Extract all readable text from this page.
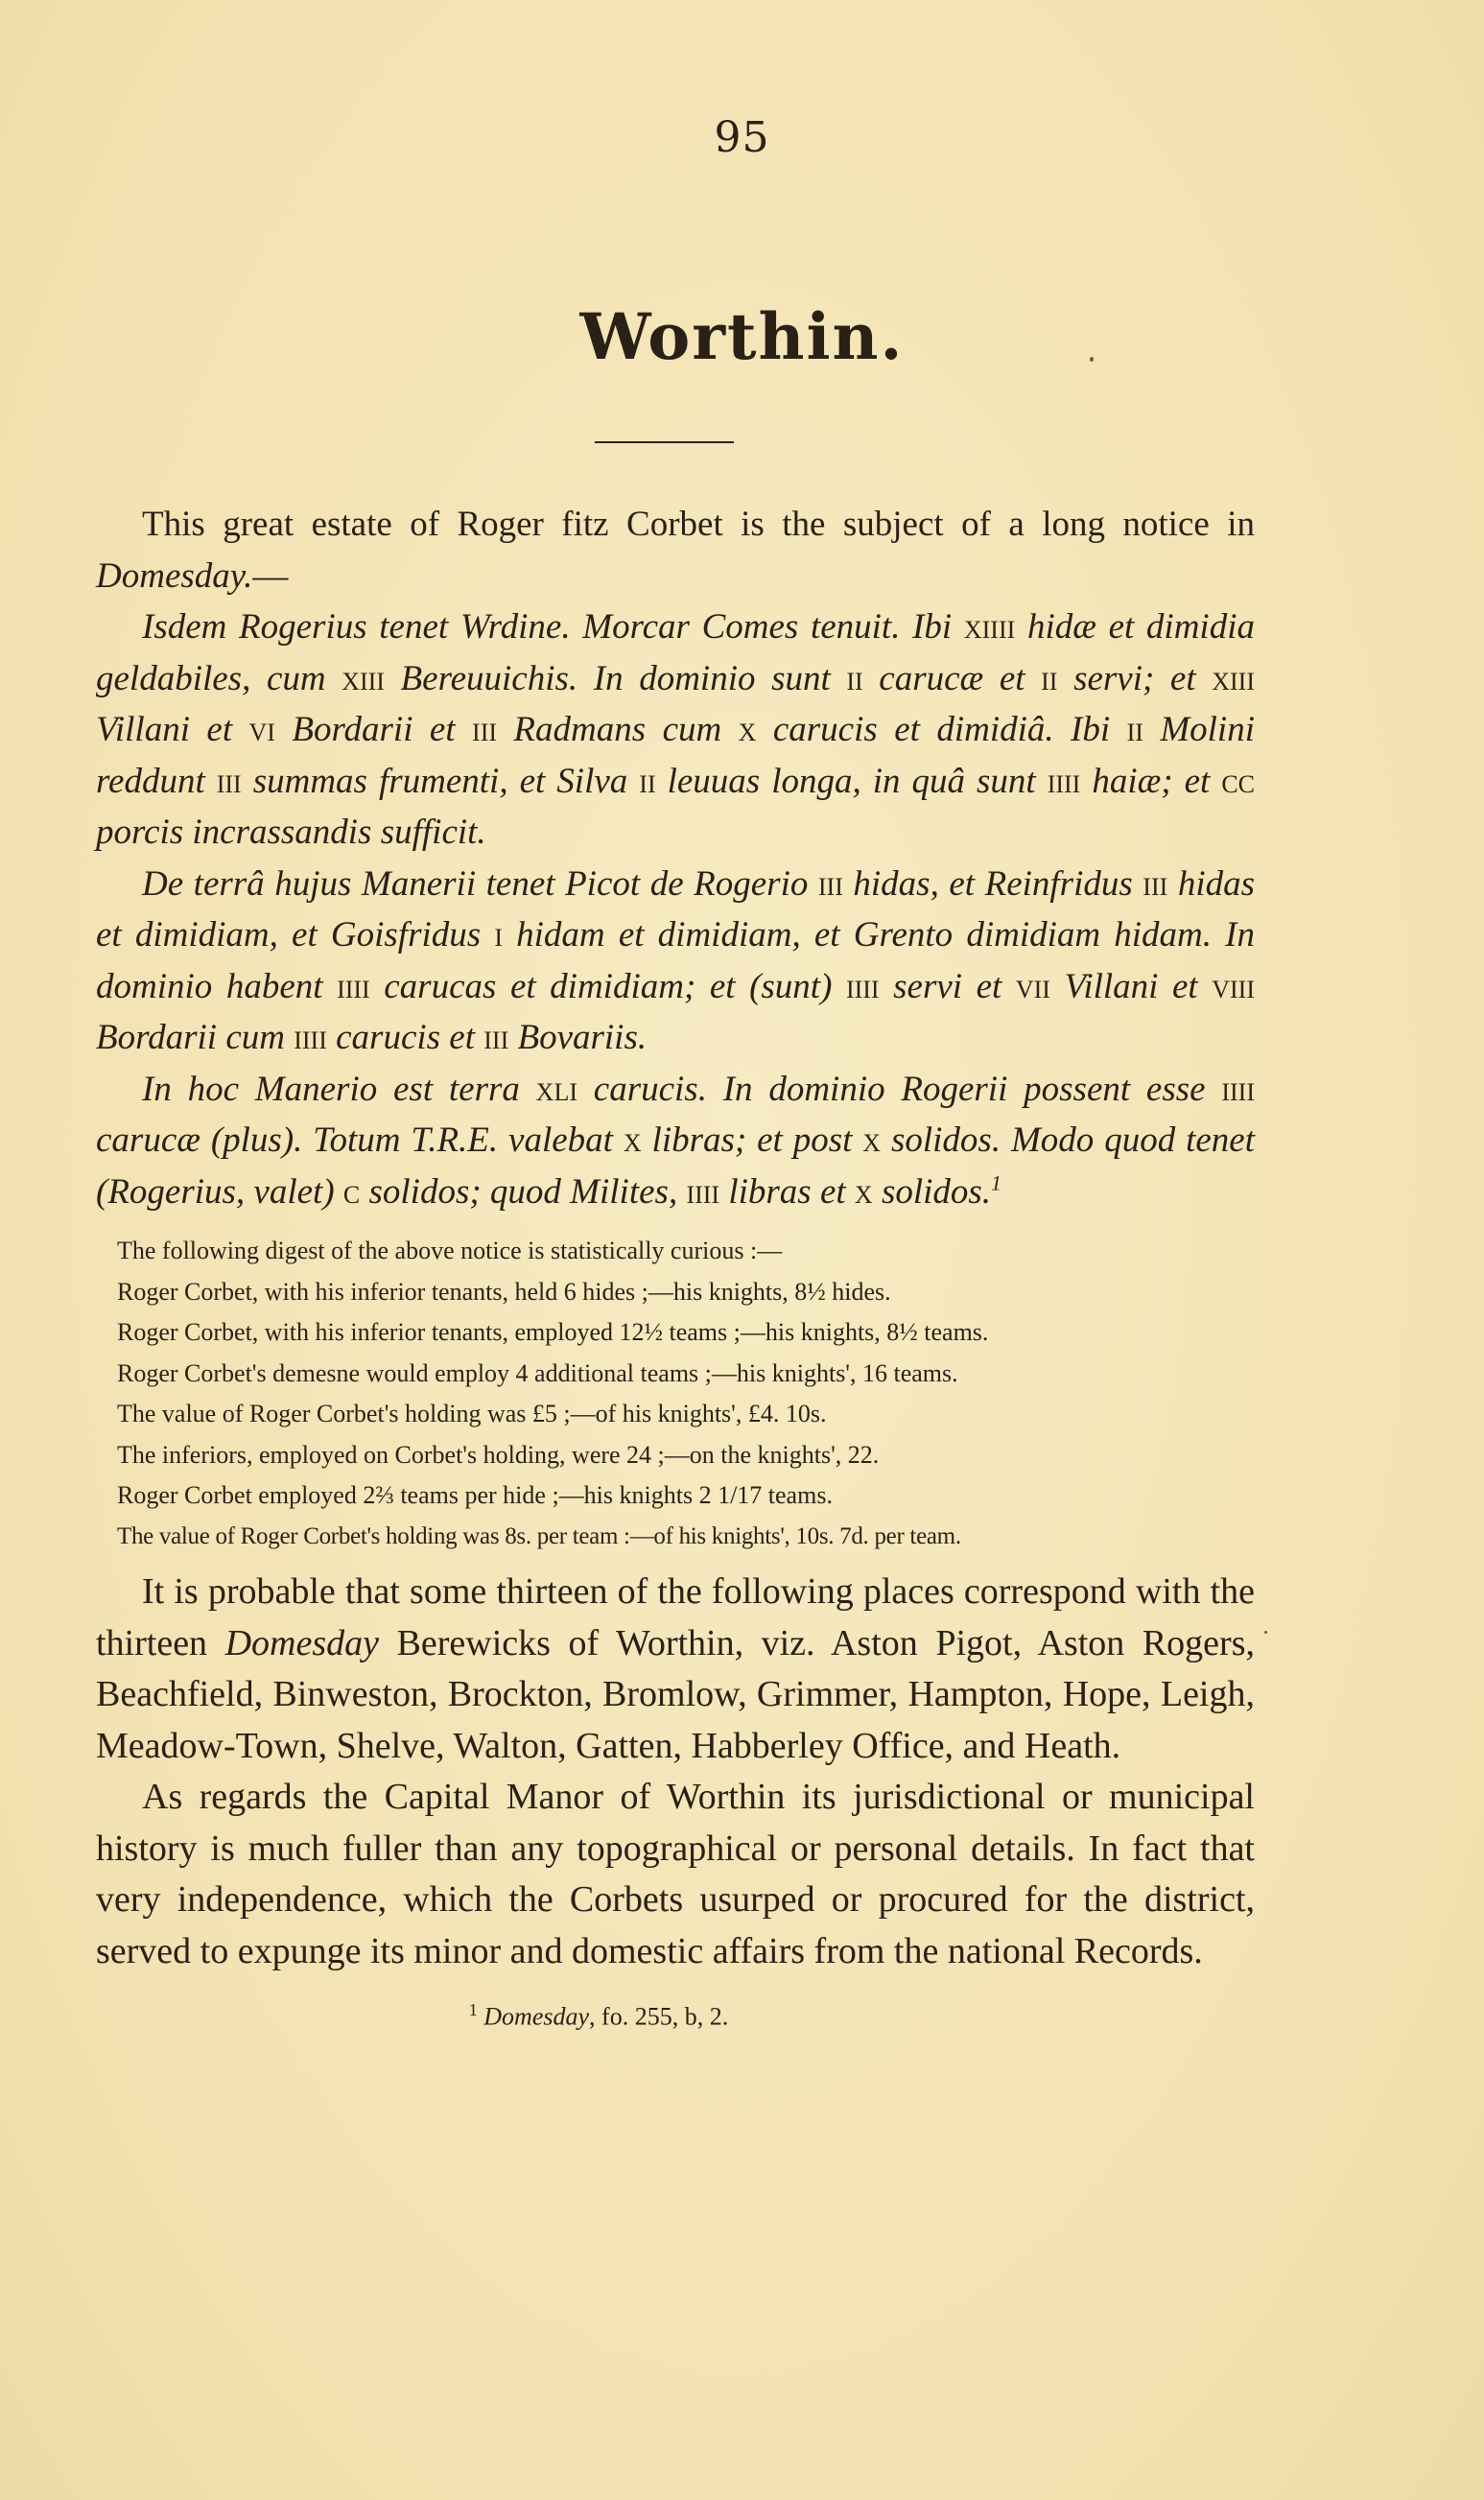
95
Worthin.

This great estate of Roger fitz Corbet is the subject of a long notice in Domesday.—

Isdem Rogerius tenet Wrdine. Morcar Comes tenuit. Ibi xiiii hidæ et dimidia geldabiles, cum xiii Bereuuichis. In dominio sunt ii carucæ et ii servi; et xiii Villani et vi Bordarii et iii Radmans cum x carucis et dimidiâ. Ibi ii Molini reddunt iii summas frumenti, et Silva ii leuuas longa, in quâ sunt iiii haiæ; et cc porcis incrassandis sufficit.

De terrâ hujus Manerii tenet Picot de Rogerio iii hidas, et Reinfridus iii hidas et dimidiam, et Goisfridus i hidam et dimidiam, et Grento dimidiam hidam. In dominio habent iiii carucas et dimidiam; et (sunt) iiii servi et vii Villani et viii Bordarii cum iiii carucis et iii Bovariis.

In hoc Manerio est terra xli carucis. In dominio Rogerii possent esse iiii carucæ (plus). Totum T.R.E. valebat x libras; et post x solidos. Modo quod tenet (Rogerius, valet) c solidos; quod Milites, iiii libras et x solidos.$^1$

The following digest of the above notice is statistically curious :—

Roger Corbet, with his inferior tenants, held 6 hides ;—his knights, 8½ hides.

Roger Corbet, with his inferior tenants, employed 12½ teams ;—his knights, 8½ teams.

Roger Corbet's demesne would employ 4 additional teams ;—his knights', 16 teams.

The value of Roger Corbet's holding was £5 ;—of his knights', £4. 10s.

The inferiors, employed on Corbet's holding, were 24 ;—on the knights', 22.

Roger Corbet employed 2⅔ teams per hide ;—his knights 2 1/17 teams.

The value of Roger Corbet's holding was 8s. per team :—of his knights', 10s. 7d. per team.

It is probable that some thirteen of the following places correspond with the thirteen Domesday Berewicks of Worthin, viz. Aston Pigot, Aston Rogers, Beachfield, Binweston, Brockton, Bromlow, Grimmer, Hampton, Hope, Leigh, Meadow-Town, Shelve, Walton, Gatten, Habberley Office, and Heath.

As regards the Capital Manor of Worthin its jurisdictional or municipal history is much fuller than any topographical or personal details. In fact that very independence, which the Corbets usurped or procured for the district, served to expunge its minor and domestic affairs from the national Records.

$^1$ Domesday, fo. 255, b, 2.
